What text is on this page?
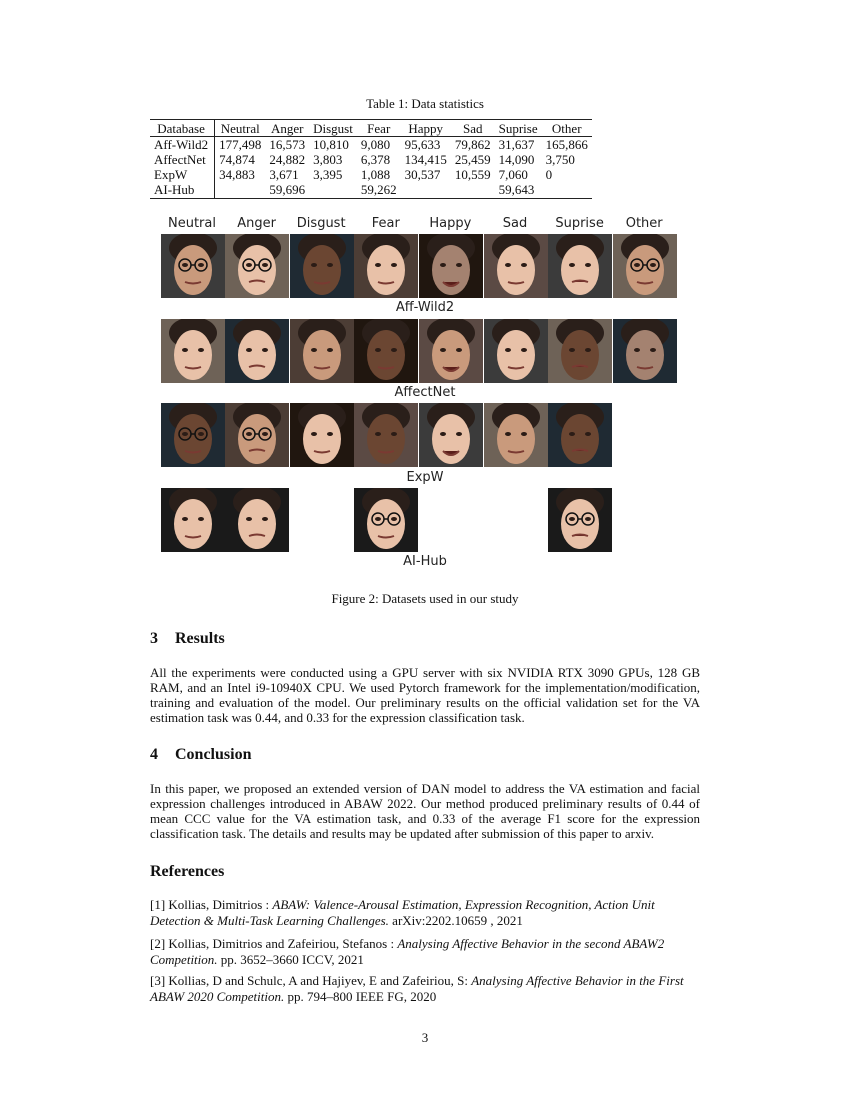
Table 1: Data statistics
Database	Neutral	Anger	Disgust	Fear	Happy	Sad	Suprise	Other
Aff-Wild2	177,498	16,573	10,810	9,080	95,633	79,862	31,637	165,866
AffectNet	74,874	24,882	3,803	6,378	134,415	25,459	14,090	3,750
ExpW	34,883	3,671	3,395	1,088	30,537	10,559	7,060	0
AI-Hub		59,696		59,262			59,643	
Neutral	Anger	Disgust	Fear	Happy	Sad	Suprise	Other
Aff-Wild2
AffectNet
ExpW
AI-Hub
Figure 2: Datasets used in our study
3 Results
All the experiments were conducted using a GPU server with six NVIDIA RTX 3090 GPUs, 128 GB RAM, and an Intel i9-10940X CPU. We used Pytorch framework for the implementation/modification, training and evaluation of the model. Our preliminary results on the official validation set for the VA estimation task was 0.44, and 0.33 for the expression classification task.
4 Conclusion
In this paper, we proposed an extended version of DAN model to address the VA estimation and facial expression challenges introduced in ABAW 2022. Our method produced preliminary results of 0.44 of mean CCC value for the VA estimation task, and 0.33 of the average F1 score for the expression classification task. The details and results may be updated after submission of this paper to arxiv.
References
[1] Kollias, Dimitrios : ABAW: Valence-Arousal Estimation, Expression Recognition, Action Unit Detection & Multi-Task Learning Challenges. arXiv:2202.10659 , 2021
[2] Kollias, Dimitrios and Zafeiriou, Stefanos : Analysing Affective Behavior in the second ABAW2 Competition. pp. 3652–3660 ICCV, 2021
[3] Kollias, D and Schulc, A and Hajiyev, E and Zafeiriou, S: Analysing Affective Behavior in the First ABAW 2020 Competition. pp. 794–800 IEEE FG, 2020
3
